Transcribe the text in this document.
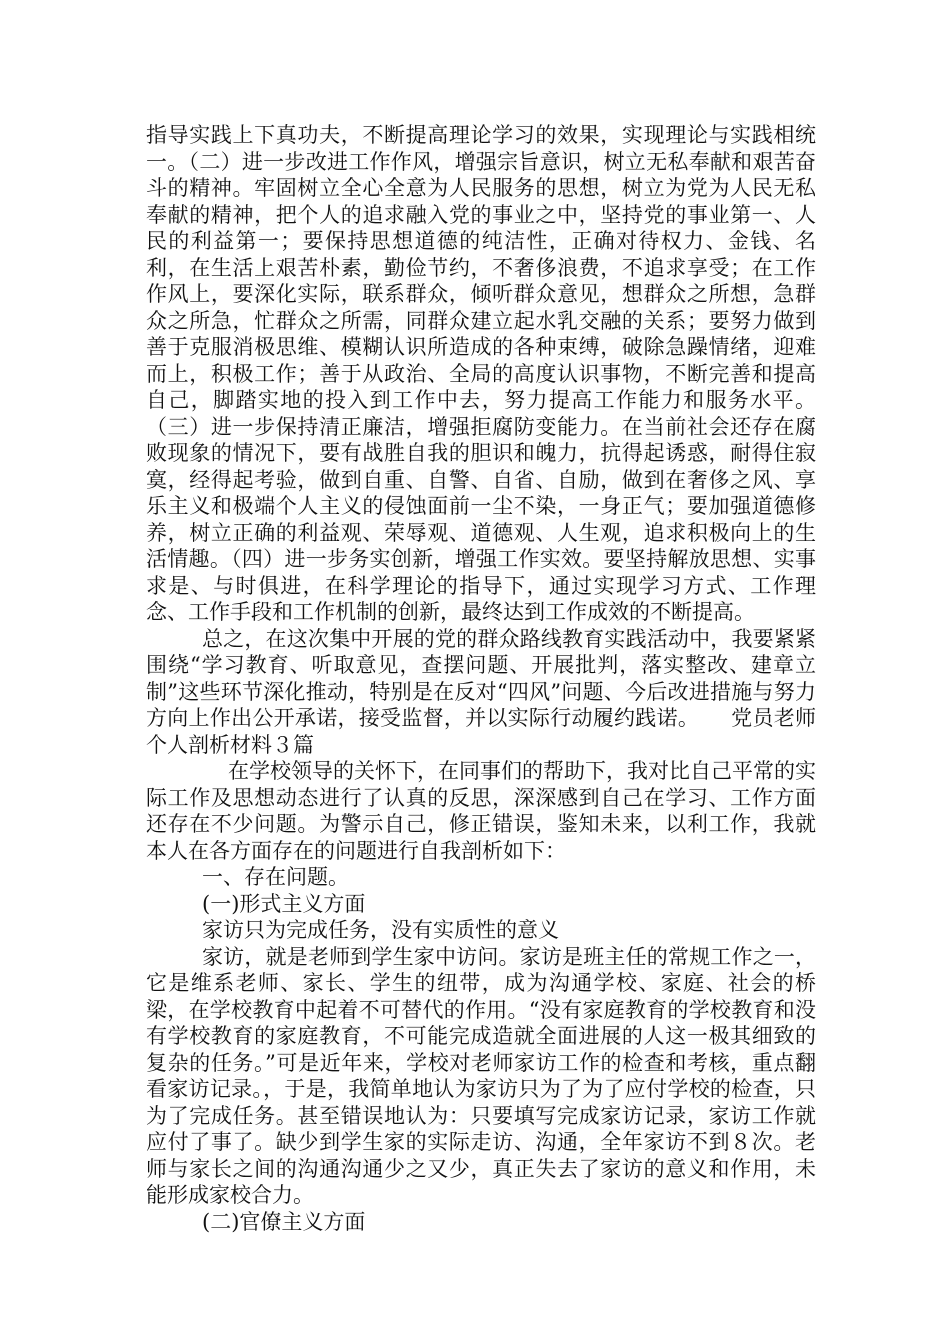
指导实践上下真功夫，不断提高理论学习的效果，实现理论与实践相统一。（二）进一步改进工作作风，增强宗旨意识，树立无私奉献和艰苦奋斗的精神。牢固树立全心全意为人民服务的思想，树立为党为人民无私奉献的精神，把个人的追求融入党的事业之中，坚持党的事业第一、人民的利益第一；要保持思想道德的纯洁性，正确对待权力、金钱、名利，在生活上艰苦朴素，勤俭节约，不奢侈浪费，不追求享受；在工作作风上，要深化实际，联系群众，倾听群众意见，想群众之所想，急群众之所急，忙群众之所需，同群众建立起水乳交融的关系；要努力做到善于克服消极思维、模糊认识所造成的各种束缚，破除急躁情绪，迎难而上，积极工作；善于从政治、全局的高度认识事物，不断完善和提高自己，脚踏实地的投入到工作中去，努力提高工作能力和服务水平。（三）进一步保持清正廉洁，增强拒腐防变能力。在当前社会还存在腐败现象的情况下，要有战胜自我的胆识和魄力，抗得起诱惑，耐得住寂寞，经得起考验，做到自重、自警、自省、自励，做到在奢侈之风、享乐主义和极端个人主义的侵蚀面前一尘不染，一身正气；要加强道德修养，树立正确的利益观、荣辱观、道德观、人生观，追求积极向上的生活情趣。（四）进一步务实创新，增强工作实效。要坚持解放思想、实事求是、与时俱进，在科学理论的指导下，通过实现学习方式、工作理念、工作手段和工作机制的创新，最终达到工作成效的不断提高。

总之，在这次集中开展的党的群众路线教育实践活动中，我要紧紧围绕“学习教育、听取意见，查摆问题、开展批判，落实整改、建章立制”这些环节深化推动，特别是在反对“四风”问题、今后改进措施与努力方向上作出公开承诺，接受监督，并以实际行动履约践诺。　　党员老师个人剖析材料３篇

在学校领导的关怀下，在同事们的帮助下，我对比自己平常的实际工作及思想动态进行了认真的反思，深深感到自己在学习、工作方面还存在不少问题。为警示自己，修正错误，鉴知未来，以利工作，我就本人在各方面存在的问题进行自我剖析如下：

一、存在问题。

(一)形式主义方面

家访只为完成任务，没有实质性的意义

家访，就是老师到学生家中访问。家访是班主任的常规工作之一，它是维系老师、家长、学生的纽带，成为沟通学校、家庭、社会的桥梁，在学校教育中起着不可替代的作用。“没有家庭教育的学校教育和没有学校教育的家庭教育，不可能完成造就全面进展的人这一极其细致的复杂的任务。”可是近年来，学校对老师家访工作的检查和考核，重点翻看家访记录。，于是，我简单地认为家访只为了为了应付学校的检查，只为了完成任务。甚至错误地认为：只要填写完成家访记录，家访工作就应付了事了。缺少到学生家的实际走访、沟通，全年家访不到８次。老师与家长之间的沟通沟通少之又少，真正失去了家访的意义和作用，未能形成家校合力。

(二)官僚主义方面
